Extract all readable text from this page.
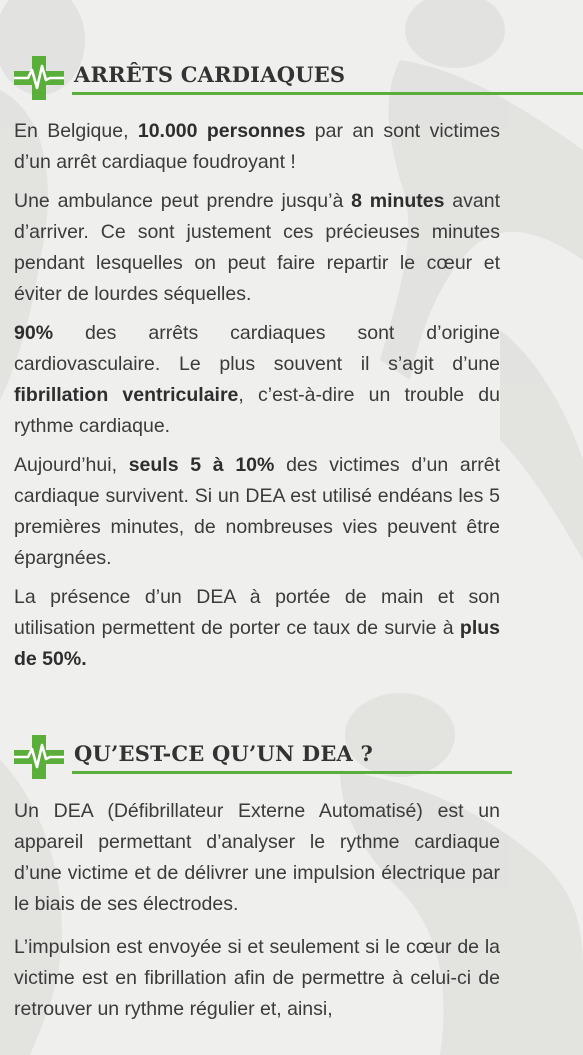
ARRÊTS CARDIAQUES

En Belgique, 10.000 personnes par an sont victimes d’un arrêt cardiaque foudroyant !

Une ambulance peut prendre jusqu’à 8 minutes avant d’arriver. Ce sont justement ces précieuses minutes pendant lesquelles on peut faire repartir le cœur et éviter de lourdes séquelles.

90% des arrêts cardiaques sont d’origine cardiovasculaire. Le plus souvent il s’agit d’une fibrillation ventriculaire, c’est-à-dire un trouble du rythme cardiaque.

Aujourd’hui, seuls 5 à 10% des victimes d’un arrêt cardiaque survivent. Si un DEA est utilisé endéans les 5 premières minutes, de nombreuses vies peuvent être épargnées.

La présence d’un DEA à portée de main et son utilisation permettent de porter ce taux de survie à plus de 50%.

QU’EST-CE QU’UN DEA ?

Un DEA (Défibrillateur Externe Automatisé) est un appareil permettant d’analyser le rythme cardiaque d’une victime et de délivrer une impulsion électrique par le biais de ses électrodes.

L’impulsion est envoyée si et seulement si le cœur de la victime est en fibrillation afin de permettre à celui-ci de retrouver un rythme régulier et, ainsi,
